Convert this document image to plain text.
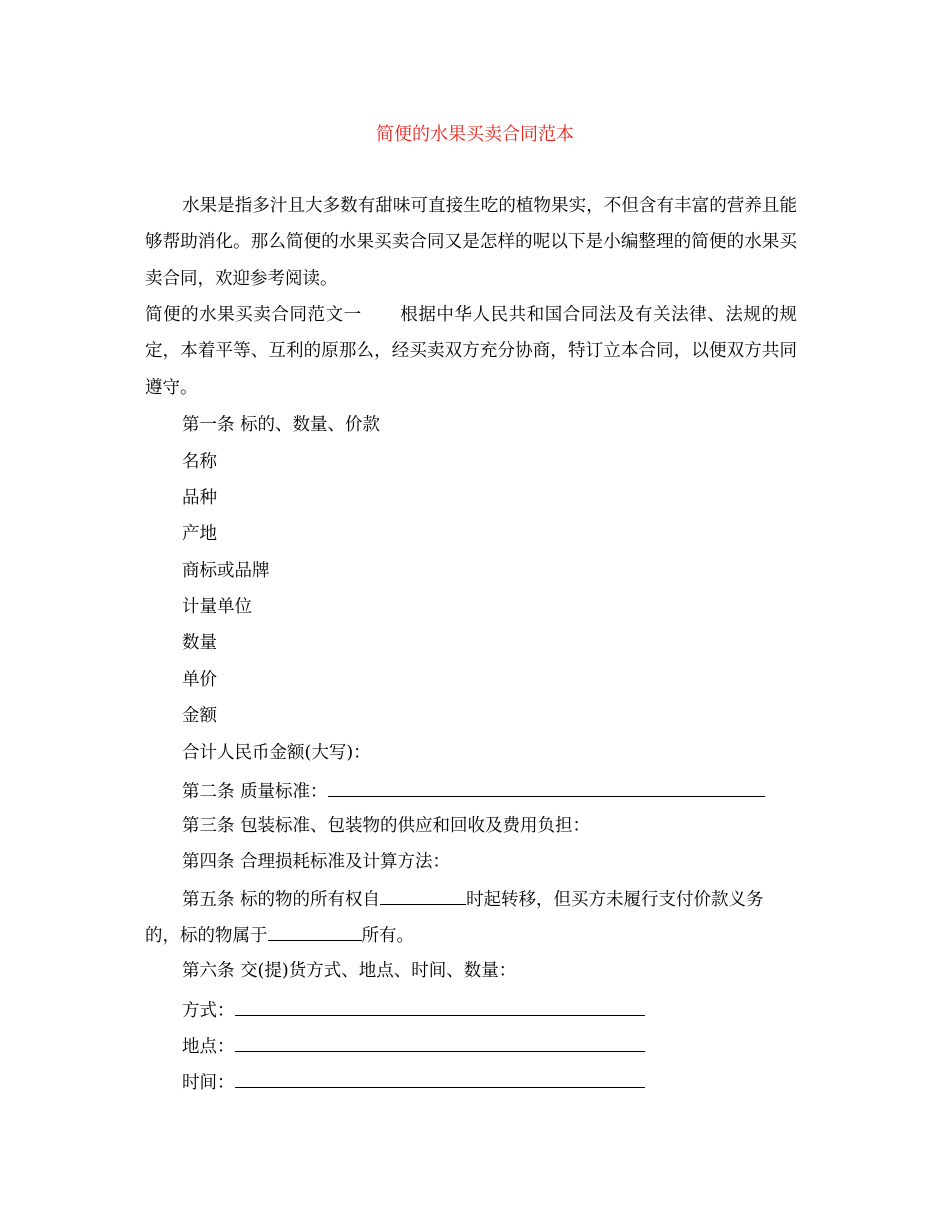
简便的水果买卖合同范本
水果是指多汁且大多数有甜味可直接生吃的植物果实，不但含有丰富的营养且能够帮助消化。那么简便的水果买卖合同又是怎样的呢以下是小编整理的简便的水果买卖合同，欢迎参考阅读。
简便的水果买卖合同范文一 根据中华人民共和国合同法及有关法律、法规的规定，本着平等、互利的原那么，经买卖双方充分协商，特订立本合同，以便双方共同遵守。
第一条 标的、数量、价款
名称
品种
产地
商标或品牌
计量单位
数量
单价
金额
合计人民币金额(大写)：
第二条 质量标准：
第三条 包装标准、包装物的供应和回收及费用负担：
第四条 合理损耗标准及计算方法：
第五条 标的物的所有权自	时起转移，但买方未履行支付价款义务的，标的物属于	所有。
第六条 交(提)货方式、地点、时间、数量：
方式：
地点：
时间：
